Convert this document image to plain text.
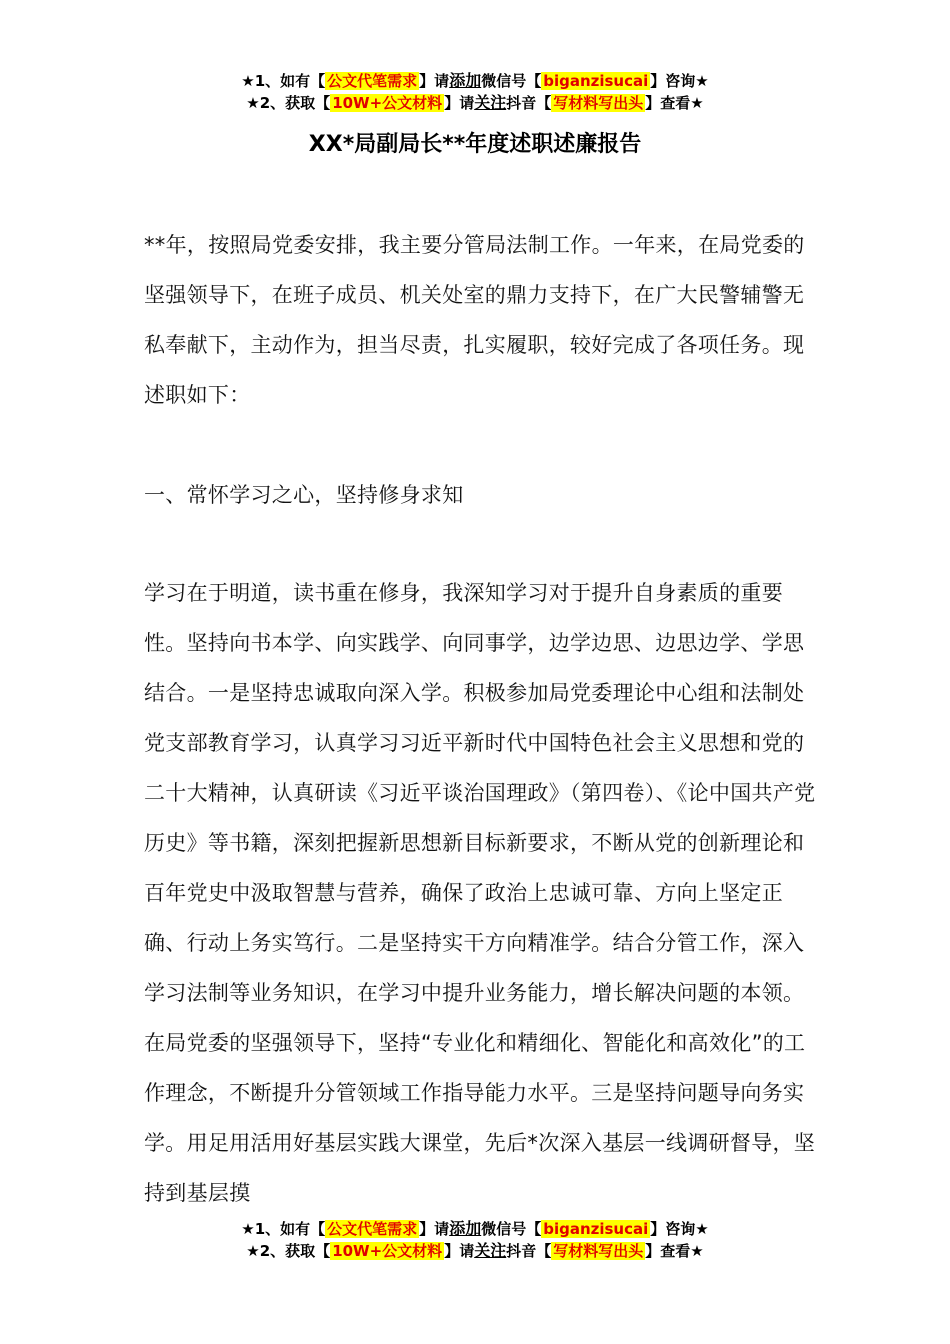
★1、如有【 公文代笔需求 】请添加微信号【 biganzisucai 】咨询★
★2、获取【 10W+公文材料 】请关注抖音【 写材料写出头 】查看★
XX*局副局长**年度述职述廉报告

**年，按照局党委安排，我主要分管局法制工作。一年来，在局党委的坚强领导下，在班子成员、机关处室的鼎力支持下，在广大民警辅警无私奉献下，主动作为，担当尽责，扎实履职，较好完成了各项任务。现述职如下：

一、常怀学习之心，坚持修身求知

学习在于明道，读书重在修身，我深知学习对于提升自身素质的重要性。坚持向书本学、向实践学、向同事学，边学边思、边思边学、学思结合。一是坚持忠诚取向深入学。积极参加局党委理论中心组和法制处党支部教育学习，认真学习习近平新时代中国特色社会主义思想和党的二十大精神，认真研读《习近平谈治国理政》（第四卷）、《论中国共产党历史》等书籍，深刻把握新思想新目标新要求，不断从党的创新理论和百年党史中汲取智慧与营养，确保了政治上忠诚可靠、方向上坚定正确、行动上务实笃行。二是坚持实干方向精准学。结合分管工作，深入学习法制等业务知识，在学习中提升业务能力，增长解决问题的本领。在局党委的坚强领导下，坚持“专业化和精细化、智能化和高效化”的工作理念，不断提升分管领域工作指导能力水平。三是坚持问题导向务实学。用足用活用好基层实践大课堂，先后*次深入基层一线调研督导，坚持到基层摸

★1、如有【 公文代笔需求 】请添加微信号【 biganzisucai 】咨询★
★2、获取【 10W+公文材料 】请关注抖音【 写材料写出头 】查看★
